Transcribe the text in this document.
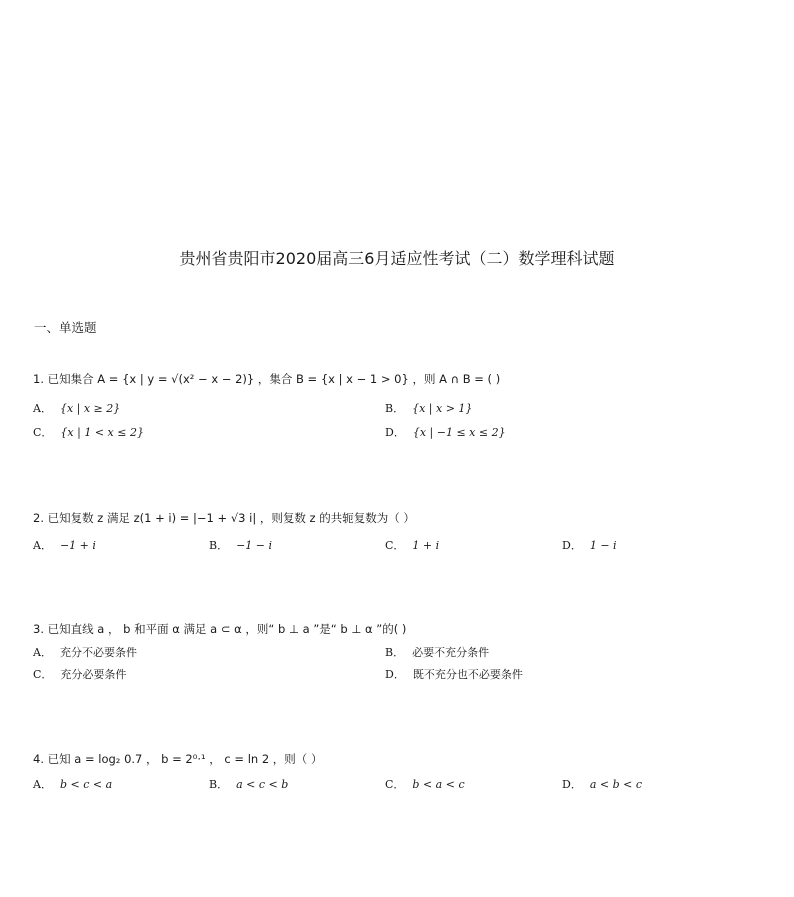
贵州省贵阳市2020届高三6月适应性考试（二）数学理科试题
一、单选题
1. 已知集合 A = {x | y = √(x² − x − 2)} ，集合 B = {x | x − 1 > 0} ，则 A ∩ B = ( )
A． {x | x ≥ 2}	B． {x | x > 1}
C． {x | 1 < x ≤ 2}	D． {x | −1 ≤ x ≤ 2}
2. 已知复数 z 满足 z(1 + i) = |−1 + √3 i| ，则复数 z 的共轭复数为（ ）
A． −1 + i	B． −1 − i	C． 1 + i	D． 1 − i
3. 已知直线 a ， b 和平面 α 满足 a ⊂ α ，则“ b ⊥ a ”是“ b ⊥ α ”的( )
A． 充分不必要条件	B． 必要不充分条件
C． 充分必要条件	D． 既不充分也不必要条件
4. 已知 a = log₂ 0.7 ， b = 2⁰·¹ ， c = ln 2 ，则（ ）
A． b < c < a	B． a < c < b	C． b < a < c	D． a < b < c
